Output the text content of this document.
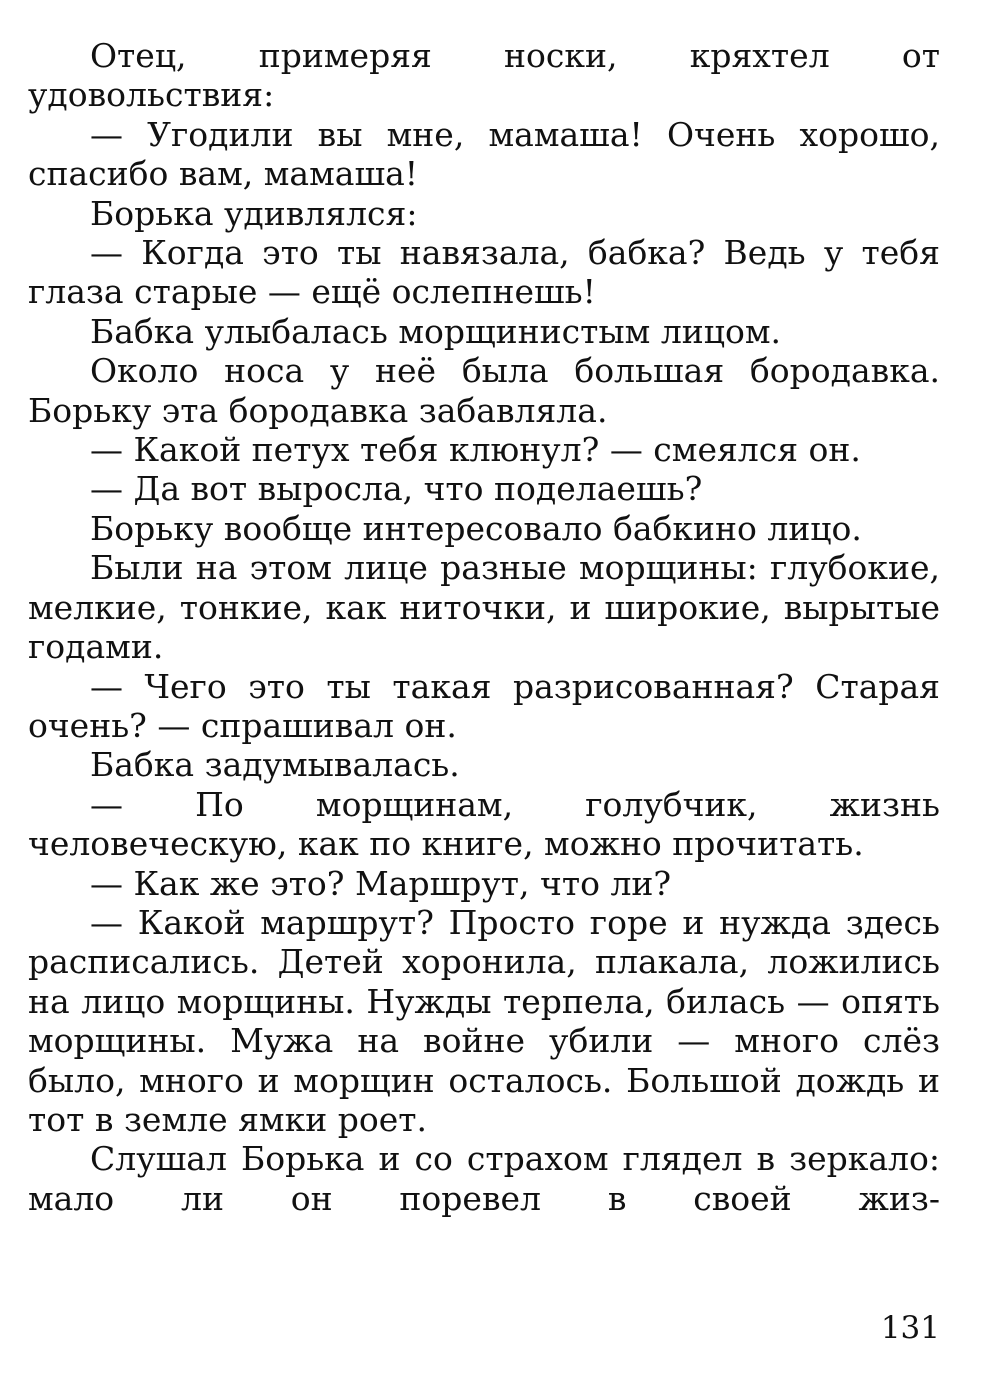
Отец, примеряя носки, кряхтел от удовольствия:

— Угодили вы мне, мамаша! Очень хорошо, спасибо вам, мамаша!

Борька удивлялся:

— Когда это ты навязала, бабка? Ведь у тебя глаза старые — ещё ослепнешь!

Бабка улыбалась морщинистым лицом.

Около носа у неё была большая бородавка. Борьку эта бородавка забавляла.

— Какой петух тебя клюнул? — смеялся он.

— Да вот выросла, что поделаешь?

Борьку вообще интересовало бабкино лицо.

Были на этом лице разные морщины: глубокие, мелкие, тонкие, как ниточки, и широкие, вырытые годами.

— Чего это ты такая разрисованная? Старая очень? — спрашивал он.

Бабка задумывалась.

— По морщинам, голубчик, жизнь человеческую, как по книге, можно прочитать.

— Как же это? Маршрут, что ли?

— Какой маршрут? Просто горе и нужда здесь расписались. Детей хоронила, плакала, ложились на лицо морщины. Нужды терпела, билась — опять морщины. Мужа на войне убили — много слёз было, много и морщин осталось. Большой дождь и тот в земле ямки роет.

Слушал Борька и со страхом глядел в зеркало: мало ли он поревел в своей жиз-

131
